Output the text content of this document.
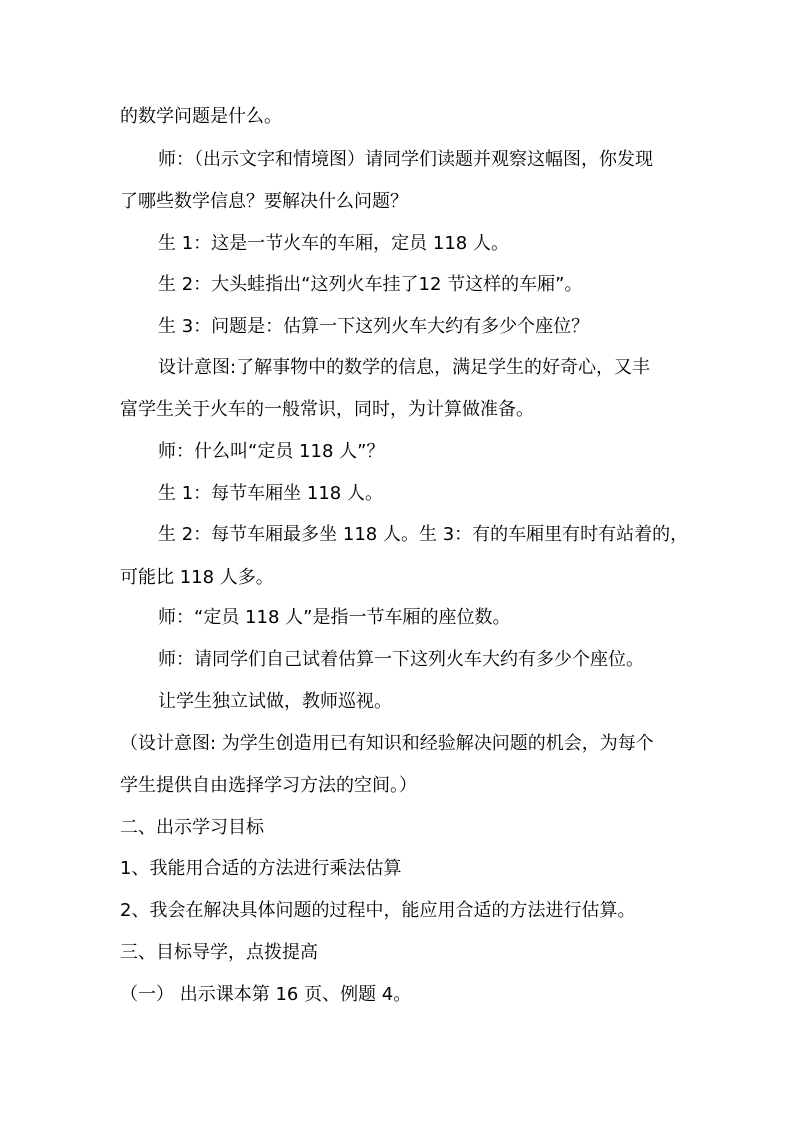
的数学问题是什么。
师：（出示文字和情境图）请同学们读题并观察这幅图，你发现
了哪些数学信息？要解决什么问题？
生 1：这是一节火车的车厢，定员 118 人。
生 2：大头蛙指出“这列火车挂了12 节这样的车厢”。
生 3：问题是：估算一下这列火车大约有多少个座位？
设计意图:了解事物中的数学的信息，满足学生的好奇心，又丰
富学生关于火车的一般常识，同时，为计算做准备。
师：什么叫“定员 118 人”？
生 1：每节车厢坐 118 人。
生 2：每节车厢最多坐 118 人。生 3：有的车厢里有时有站着的，
可能比 118 人多。
师：“定员 118 人”是指一节车厢的座位数。
师：请同学们自己试着估算一下这列火车大约有多少个座位。
让学生独立试做，教师巡视。
（设计意图: 为学生创造用已有知识和经验解决问题的机会，为每个
学生提供自由选择学习方法的空间。）
二、出示学习目标
1、我能用合适的方法进行乘法估算
2、我会在解决具体问题的过程中，能应用合适的方法进行估算。
三、目标导学，点拨提高
（一） 出示课本第 16 页、例题 4。
